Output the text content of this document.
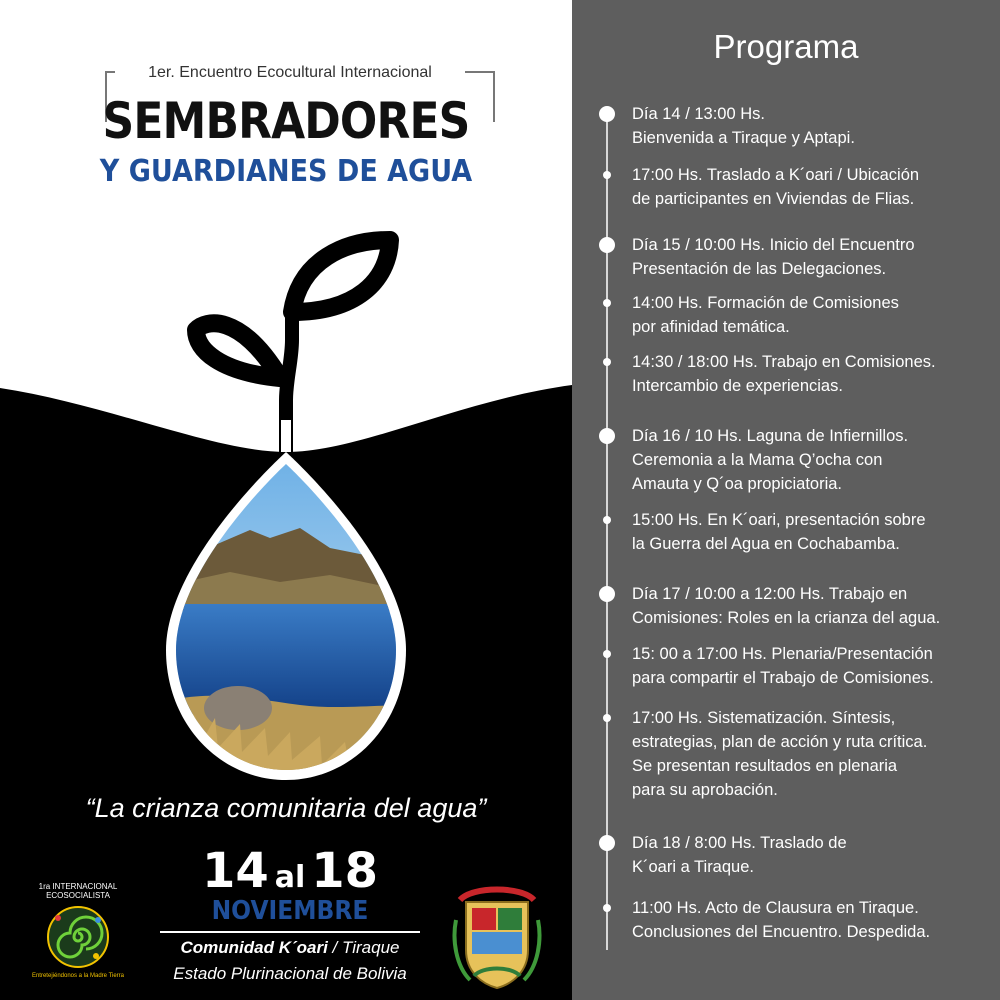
1er. Encuentro Ecocultural Internacional
SEMBRADORES
Y GUARDIANES DE AGUA
“La crianza comunitaria del agua”
14 al 18
NOVIEMBRE
Comunidad K´oari / Tiraque
Estado Plurinacional de Bolivia
1ra INTERNACIONAL ECOSOCIALISTA
Entretejiéndonos a la Madre Tierra
Programa
Día 14 / 13:00 Hs.
Bienvenida a Tiraque y Aptapi.
17:00 Hs. Traslado a K´oari / Ubicación
de participantes en Viviendas de Flias.
Día 15 / 10:00 Hs. Inicio del Encuentro
Presentación de las Delegaciones.
14:00 Hs. Formación de Comisiones
por afinidad temática.
14:30 / 18:00 Hs. Trabajo en Comisiones.
Intercambio de experiencias.
Día 16 / 10 Hs. Laguna de Infiernillos.
Ceremonia a la Mama Q’ocha con
Amauta y Q´oa propiciatoria.
15:00 Hs. En K´oari, presentación sobre
la Guerra del Agua en Cochabamba.
Día 17 / 10:00 a 12:00 Hs. Trabajo en
Comisiones: Roles en la crianza del agua.
15: 00 a 17:00 Hs. Plenaria/Presentación
para compartir el Trabajo de Comisiones.
17:00 Hs. Sistematización. Síntesis,
estrategias, plan de acción y ruta crítica.
Se presentan resultados en plenaria
para su aprobación.
Día 18 / 8:00 Hs. Traslado de
K´oari a Tiraque.
11:00 Hs. Acto de Clausura en Tiraque.
Conclusiones del Encuentro. Despedida.
